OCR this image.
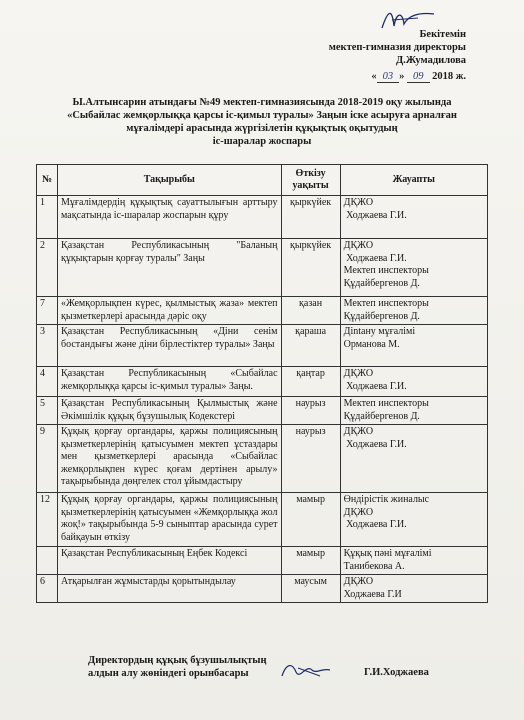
Бекітемін
мектеп-гимназия директоры
Д.Жумадилова
« 03 » 09 2018 ж.
Ы.Алтынсарин атындағы №49 мектеп-гимназиясында 2018-2019 оқу жылында
«Сыбайлас жемқорлыққа қарсы іс-қимыл туралы» Заңын іске асыруға арналған
мұғалімдері арасында жүргізілетін құқықтық оқытудың
іс-шаралар жоспары
№	Тақырыбы	Өткізу уақыты	Жауапты
1	Мұғалімдердің құқықтық сауаттылығын арттыру мақсатында іс-шаралар жоспарын құру	қыркүйек	ДҚЖО
Ходжаева Г.И.

2	Қазақстан Республикасының "Баланың құқықтарын қорғау туралы" Заңы	қыркүйек	ДҚЖО
Ходжаева Г.И.
Мектеп инспекторы
Құдайбергенов Д.

7	«Жемқорлықпен күрес, қылмыстық жаза» мектеп қызметкерлері арасында дәріс оқу	қазан	Мектеп инспекторы
Құдайбергенов Д.

3	Қазақстан Республикасының «Діни сенім бостандығы және діни бірлестіктер туралы» Заңы	қараша	Діntану мұғалімі
Орманова М.

4	Қазақстан Республикасының «Сыбайлас жемқорлыққа қарсы іс-қимыл туралы» Заңы.	қаңтар	ДҚЖО
Ходжаева Г.И.

5	Қазақстан Республикасының Қылмыстық және Әкімшілік құқық бұзушылық Кодекстері	наурыз	Мектеп инспекторы
Құдайбергенов Д.

9	Құқық қорғау органдары, қаржы полициясының қызметкерлерінің қатысуымен мектеп ұстаздары мен қызметкерлері арасында «Сыбайлас жемқорлықпен күрес қоғам дертінен арылу» тақырыбында дөңгелек стол ұйымдастыру	наурыз	ДҚЖО
Ходжаева Г.И.

12	Құқық қорғау органдары, қаржы полициясының қызметкерлерінің қатысуымен «Жемқорлыққа жол жоқ!» тақырыбында 5-9 сыныптар арасында сурет байқауын өткізу	мамыр	Өндірістік жиналыс
ДҚЖО
Ходжаева Г.И.

	Қазақстан Республикасының Еңбек Кодексі	мамыр	Құқық пәні мұғалімі
Танибекова А.

6	Атқарылған жұмыстарды қорытындылау	маусым	ДҚЖО
Ходжаева Г.И
Директордың құқық бұзушылықтың
алдын алу жөніндегі орынбасары	Г.И.Ходжаева
